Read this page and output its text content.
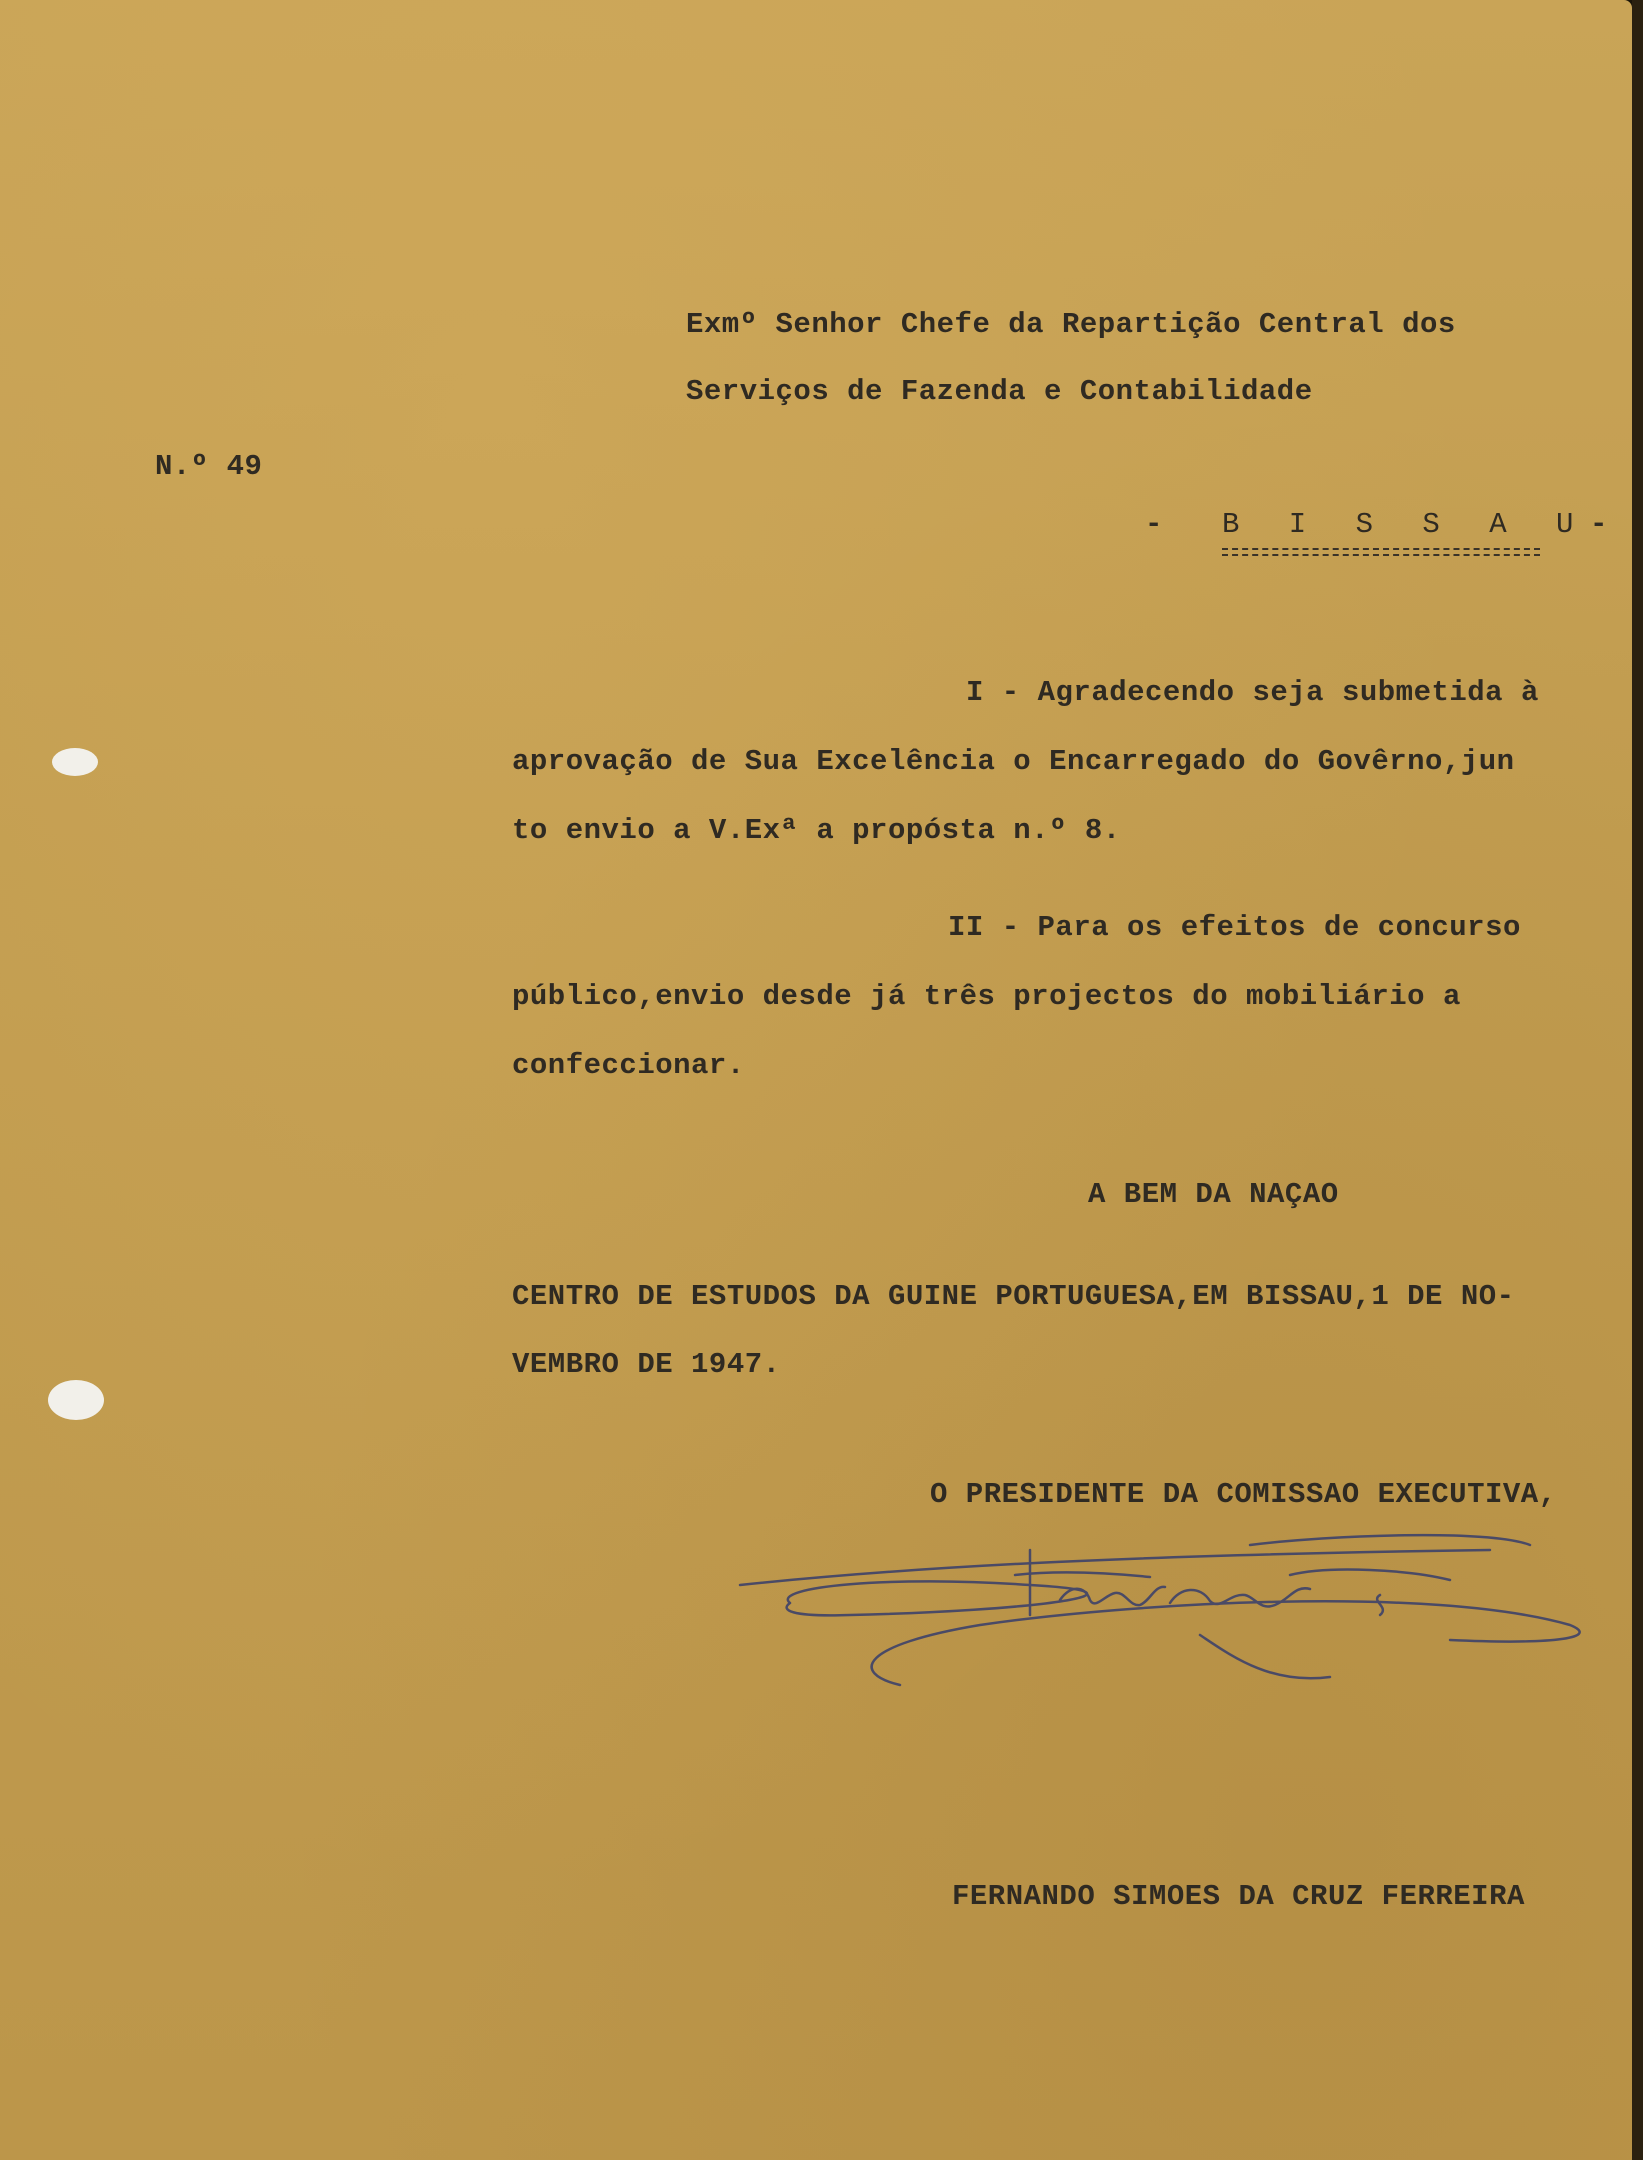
Exmº Senhor Chefe da Repartição Central dos
Serviços de Fazenda e Contabilidade
N.º 49
- B I S S A U -
I - Agradecendo seja submetida à
aprovação de Sua Excelência o Encarregado do Govêrno,jun
to envio a V.Exª a propósta n.º 8.
II - Para os efeitos de concurso
público,envio desde já três projectos do mobiliário a
confeccionar.
A BEM DA NAÇAO
CENTRO DE ESTUDOS DA GUINE PORTUGUESA,EM BISSAU,1 DE NO-
VEMBRO DE 1947.
O PRESIDENTE DA COMISSAO EXECUTIVA,
FERNANDO SIMOES DA CRUZ FERREIRA
